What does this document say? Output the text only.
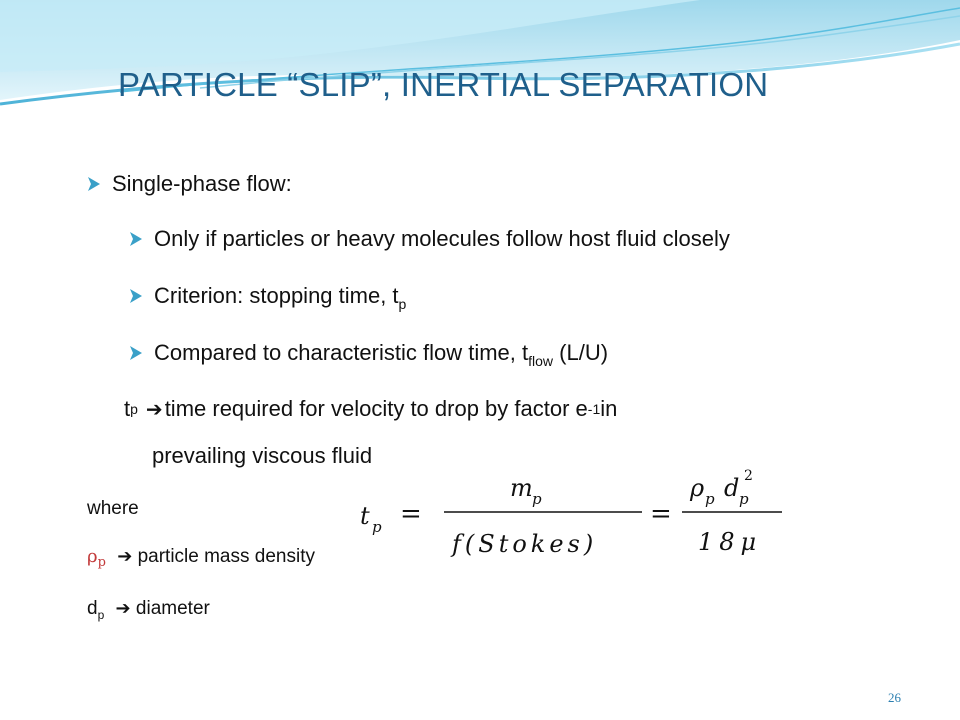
PARTICLE “SLIP”, INERTIAL SEPARATION
Single-phase flow:
Only if particles or heavy molecules follow host fluid closely
Criterion: stopping time, $t_p$
Compared to characteristic flow time, $t_{flow}$ (L/U)
t p ➔ time required for velocity to drop by factor e -1 in
prevailing viscous fluid
where
$\rho_p$ ➔ particle mass density
$d_p$ ➔ diameter
t p =
m p
f(Stokes)
=
ρ p d p
2
18μ
26
